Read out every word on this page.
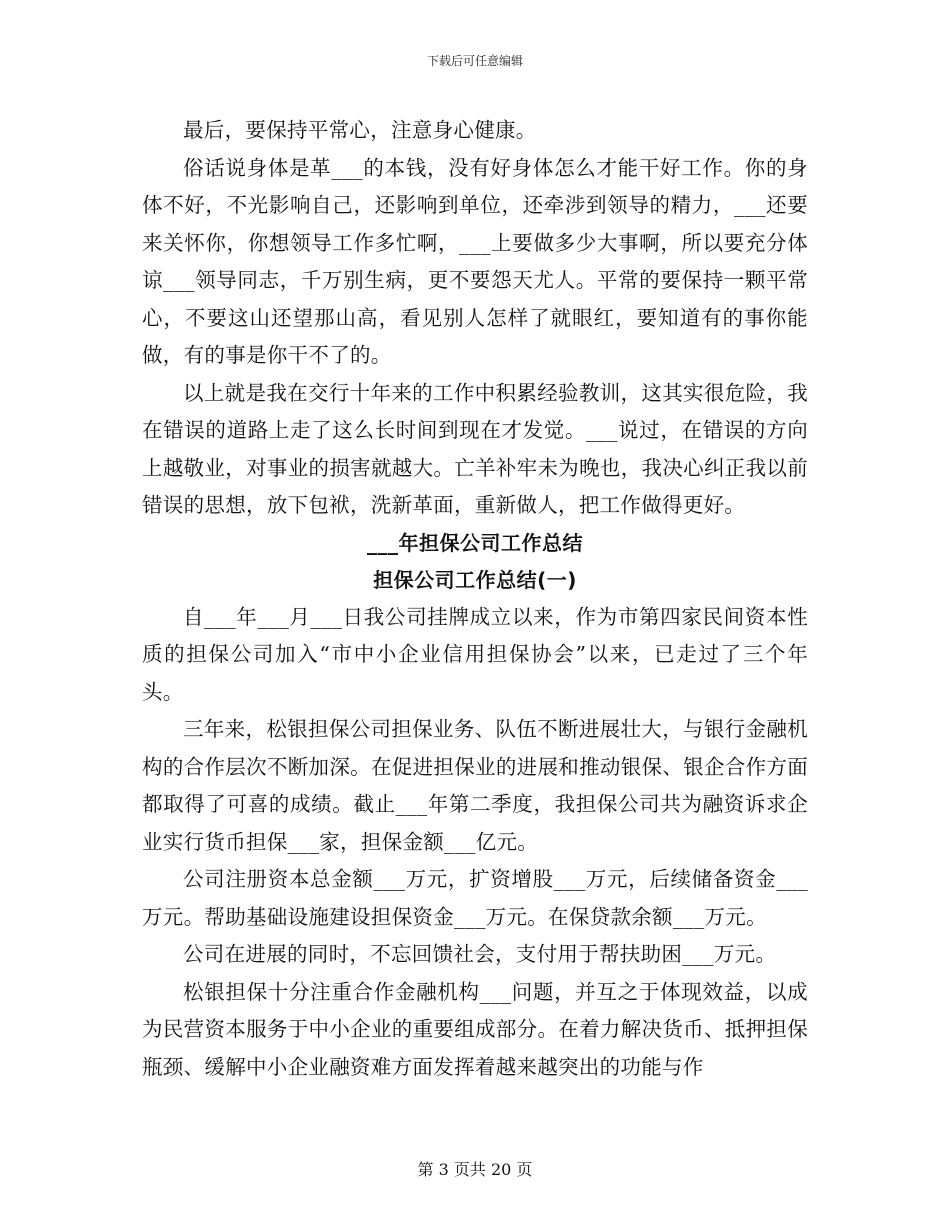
下载后可任意编辑

最后，要保持平常心，注意身心健康。

俗话说身体是革___的本钱，没有好身体怎么才能干好工作。你的身体不好，不光影响自己，还影响到单位，还牵涉到领导的精力，___还要来关怀你，你想领导工作多忙啊，___上要做多少大事啊，所以要充分体谅___领导同志，千万别生病，更不要怨天尤人。平常的要保持一颗平常心，不要这山还望那山高，看见别人怎样了就眼红，要知道有的事你能做，有的事是你干不了的。

以上就是我在交行十年来的工作中积累经验教训，这其实很危险，我在错误的道路上走了这么长时间到现在才发觉。___说过，在错误的方向上越敬业，对事业的损害就越大。亡羊补牢未为晚也，我决心纠正我以前错误的思想，放下包袱，洗新革面，重新做人，把工作做得更好。

___年担保公司工作总结

担保公司工作总结(一)

自___年___月___日我公司挂牌成立以来，作为市第四家民间资本性质的担保公司加入“市中小企业信用担保协会”以来，已走过了三个年头。

三年来，松银担保公司担保业务、队伍不断进展壮大，与银行金融机构的合作层次不断加深。在促进担保业的进展和推动银保、银企合作方面都取得了可喜的成绩。截止___年第二季度，我担保公司共为融资诉求企业实行货币担保___家，担保金额___亿元。

公司注册资本总金额___万元，扩资增股___万元，后续储备资金___万元。帮助基础设施建设担保资金___万元。在保贷款余额___万元。

公司在进展的同时，不忘回馈社会，支付用于帮扶助困___万元。

松银担保十分注重合作金融机构___问题，并互之于体现效益，以成为民营资本服务于中小企业的重要组成部分。在着力解决货币、抵押担保瓶颈、缓解中小企业融资难方面发挥着越来越突出的功能与作

第 3 页共 20 页
